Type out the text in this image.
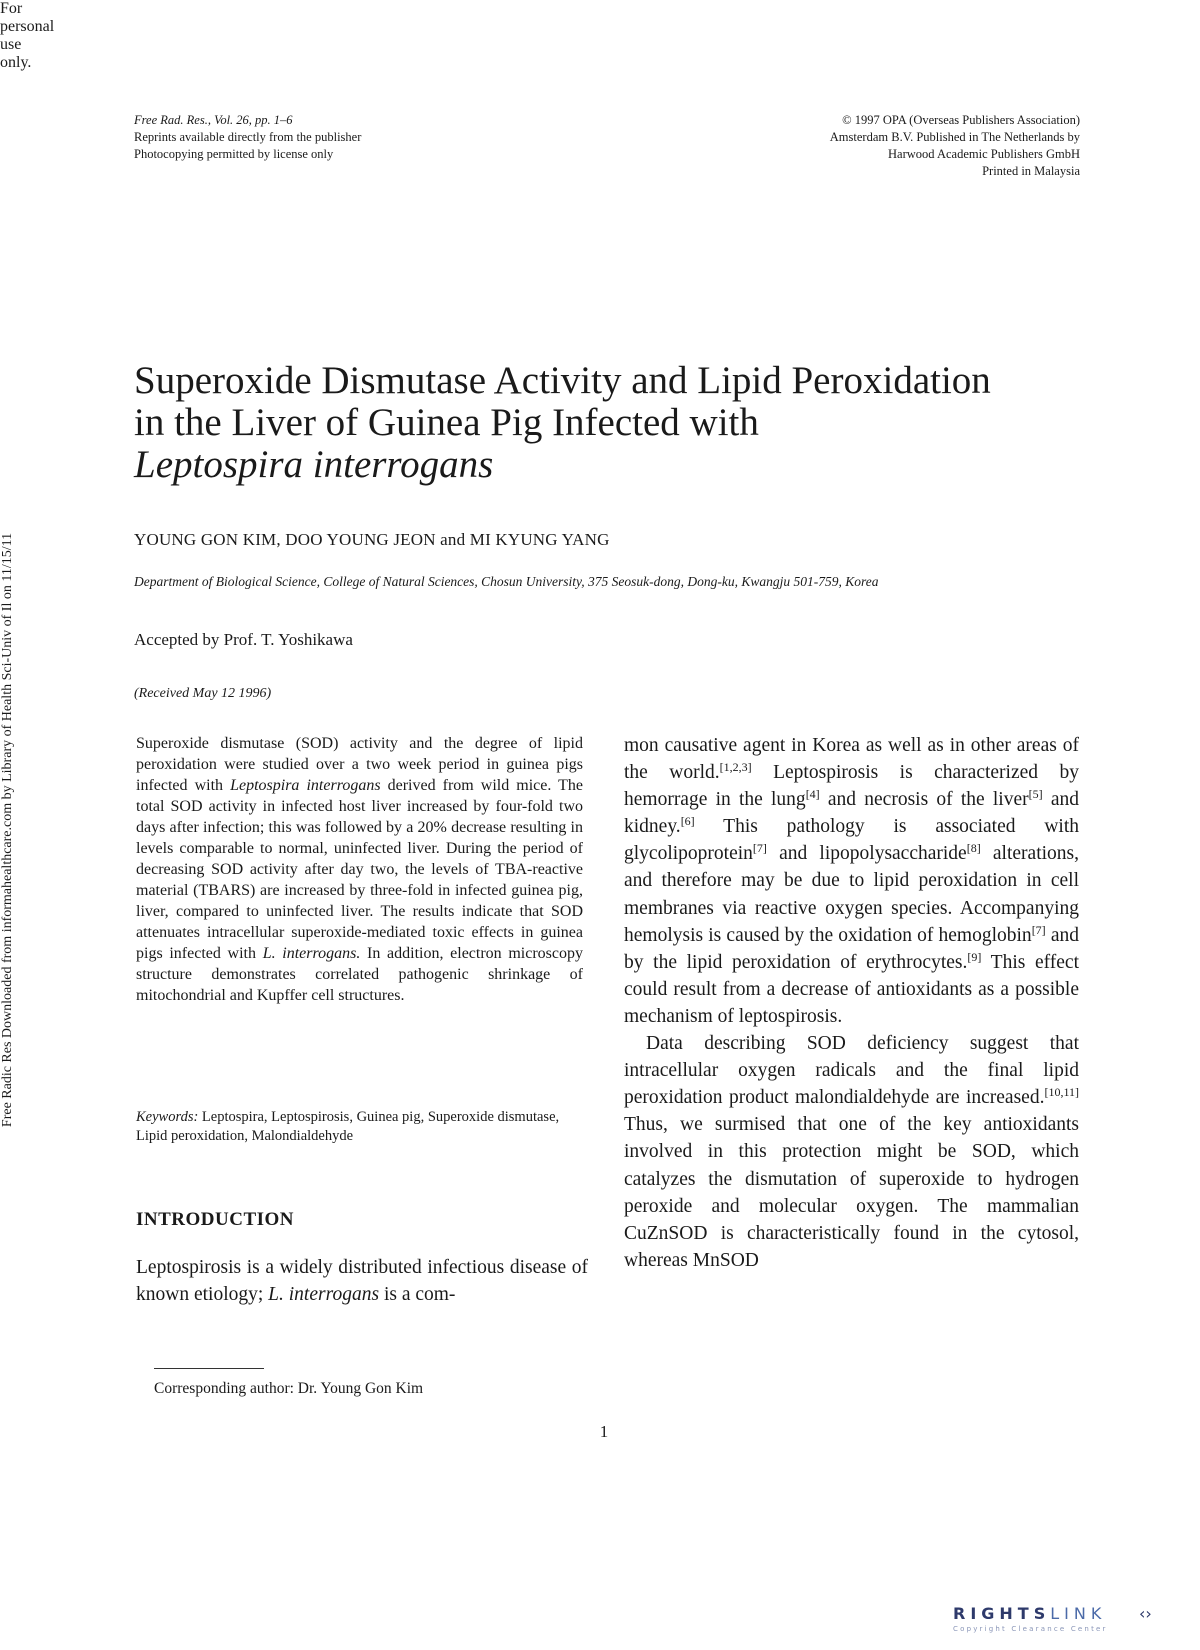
Free Rad. Res., Vol. 26, pp. 1–6
Reprints available directly from the publisher
Photocopying permitted by license only
© 1997 OPA (Overseas Publishers Association)
Amsterdam B.V. Published in The Netherlands by
Harwood Academic Publishers GmbH
Printed in Malaysia
Free Radic Res Downloaded from informahealthcare.com by Library of Health Sci-Univ of Il on 11/15/11
For personal use only.
Superoxide Dismutase Activity and Lipid Peroxidation
in the Liver of Guinea Pig Infected with
Leptospira interrogans
YOUNG GON KIM, DOO YOUNG JEON and MI KYUNG YANG
Department of Biological Science, College of Natural Sciences, Chosun University, 375 Seosuk-dong, Dong-ku, Kwangju 501-759, Korea
Accepted by Prof. T. Yoshikawa
(Received May 12 1996)

Superoxide dismutase (SOD) activity and the degree of lipid peroxidation were studied over a two week period in guinea pigs infected with Leptospira interrogans derived from wild mice. The total SOD activity in infected host liver increased by four-fold two days after infection; this was followed by a 20% decrease resulting in levels comparable to normal, uninfected liver. During the period of decreasing SOD activity after day two, the levels of TBA-reactive material (TBARS) are increased by three-fold in infected guinea pig, liver, compared to uninfected liver. The results indicate that SOD attenuates intracellular superoxide-mediated toxic effects in guinea pigs infected with L. interrogans. In addition, electron microscopy structure demonstrates correlated pathogenic shrinkage of mitochondrial and Kupffer cell structures.

Keywords: Leptospira, Leptospirosis, Guinea pig, Superoxide dismutase, Lipid peroxidation, Malondialdehyde
INTRODUCTION

Leptospirosis is a widely distributed infectious disease of known etiology; L. interrogans is a com-

mon causative agent in Korea as well as in other areas of the world.[1,2,3] Leptospirosis is characterized by hemorrage in the lung[4] and necrosis of the liver[5] and kidney.[6] This pathology is associated with glycolipoprotein[7] and lipopolysaccharide[8] alterations, and therefore may be due to lipid peroxidation in cell membranes via reactive oxygen species. Accompanying hemolysis is caused by the oxidation of hemoglobin[7] and by the lipid peroxidation of erythrocytes.[9] This effect could result from a decrease of antioxidants as a possible mechanism of leptospirosis.

Data describing SOD deficiency suggest that intracellular oxygen radicals and the final lipid peroxidation product malondialdehyde are increased.[10,11] Thus, we surmised that one of the key antioxidants involved in this protection might be SOD, which catalyzes the dismutation of superoxide to hydrogen peroxide and molecular oxygen. The mammalian CuZnSOD is characteristically found in the cytosol, whereas MnSOD

Corresponding author: Dr. Young Gon Kim
1
RIGHTSLINK ‹›
Copyright Clearance Center
